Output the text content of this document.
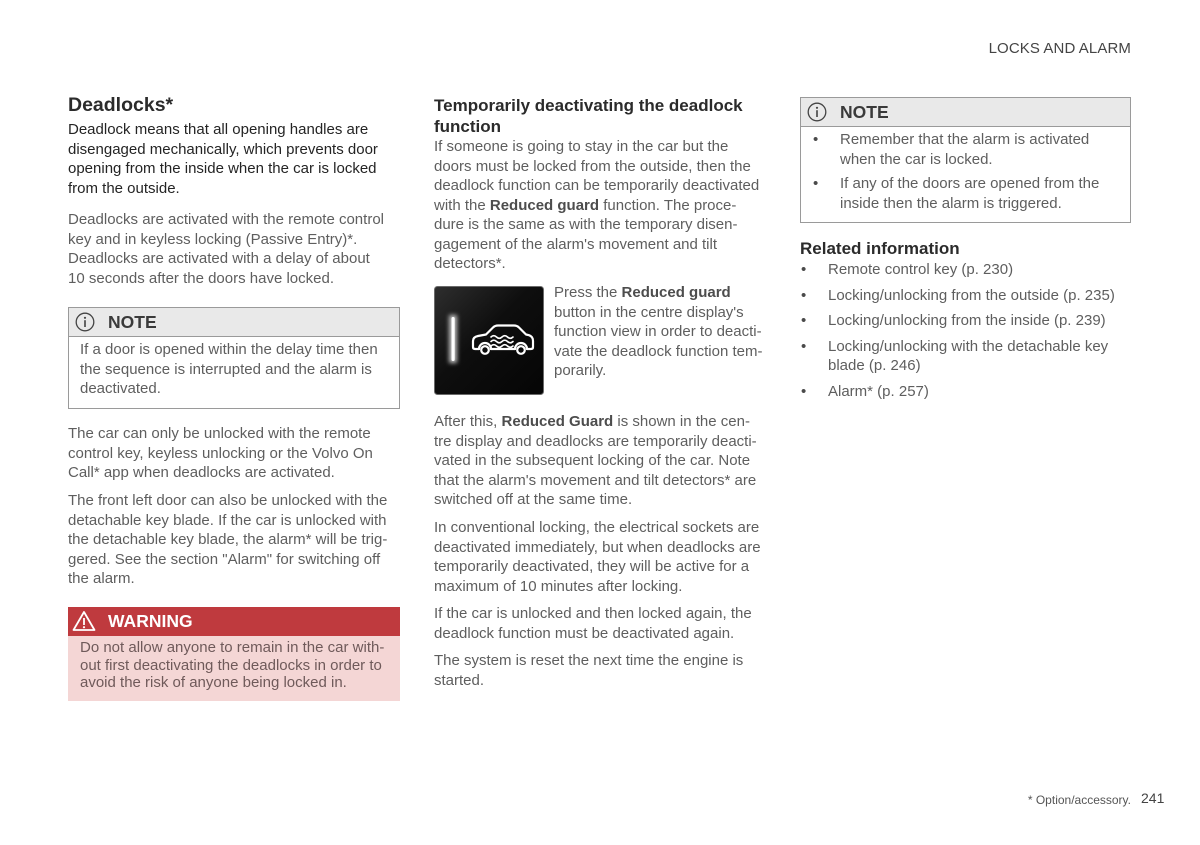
LOCKS AND ALARM
Deadlocks*
Deadlock means that all opening handles are
disengaged mechanically, which prevents door
opening from the inside when the car is locked
from the outside.
Deadlocks are activated with the remote control
key and in keyless locking (Passive Entry)*.
Deadlocks are activated with a delay of about
10 seconds after the doors have locked.
NOTE
If a door is opened within the delay time then
the sequence is interrupted and the alarm is
deactivated.
The car can only be unlocked with the remote
control key, keyless unlocking or the Volvo On
Call* app when deadlocks are activated.
The front left door can also be unlocked with the
detachable key blade. If the car is unlocked with
the detachable key blade, the alarm* will be trig-
gered. See the section "Alarm" for switching off
the alarm.
WARNING
Do not allow anyone to remain in the car with-
out first deactivating the deadlocks in order to
avoid the risk of anyone being locked in.
Temporarily deactivating the deadlock
function
If someone is going to stay in the car but the
doors must be locked from the outside, then the
deadlock function can be temporarily deactivated
with the Reduced guard function. The proce-
dure is the same as with the temporary disen-
gagement of the alarm's movement and tilt
detectors*.
Press the Reduced guard
button in the centre display's
function view in order to deacti-
vate the deadlock function tem-
porarily.
After this, Reduced Guard is shown in the cen-
tre display and deadlocks are temporarily deacti-
vated in the subsequent locking of the car. Note
that the alarm's movement and tilt detectors* are
switched off at the same time.
In conventional locking, the electrical sockets are
deactivated immediately, but when deadlocks are
temporarily deactivated, they will be active for a
maximum of 10 minutes after locking.
If the car is unlocked and then locked again, the
deadlock function must be deactivated again.
The system is reset the next time the engine is
started.
NOTE
• Remember that the alarm is activated
when the car is locked.
• If any of the doors are opened from the
inside then the alarm is triggered.
Related information
• Remote control key (p. 230)
• Locking/unlocking from the outside (p. 235)
• Locking/unlocking from the inside (p. 239)
• Locking/unlocking with the detachable key
blade (p. 246)
• Alarm* (p. 257)
* Option/accessory. 241
